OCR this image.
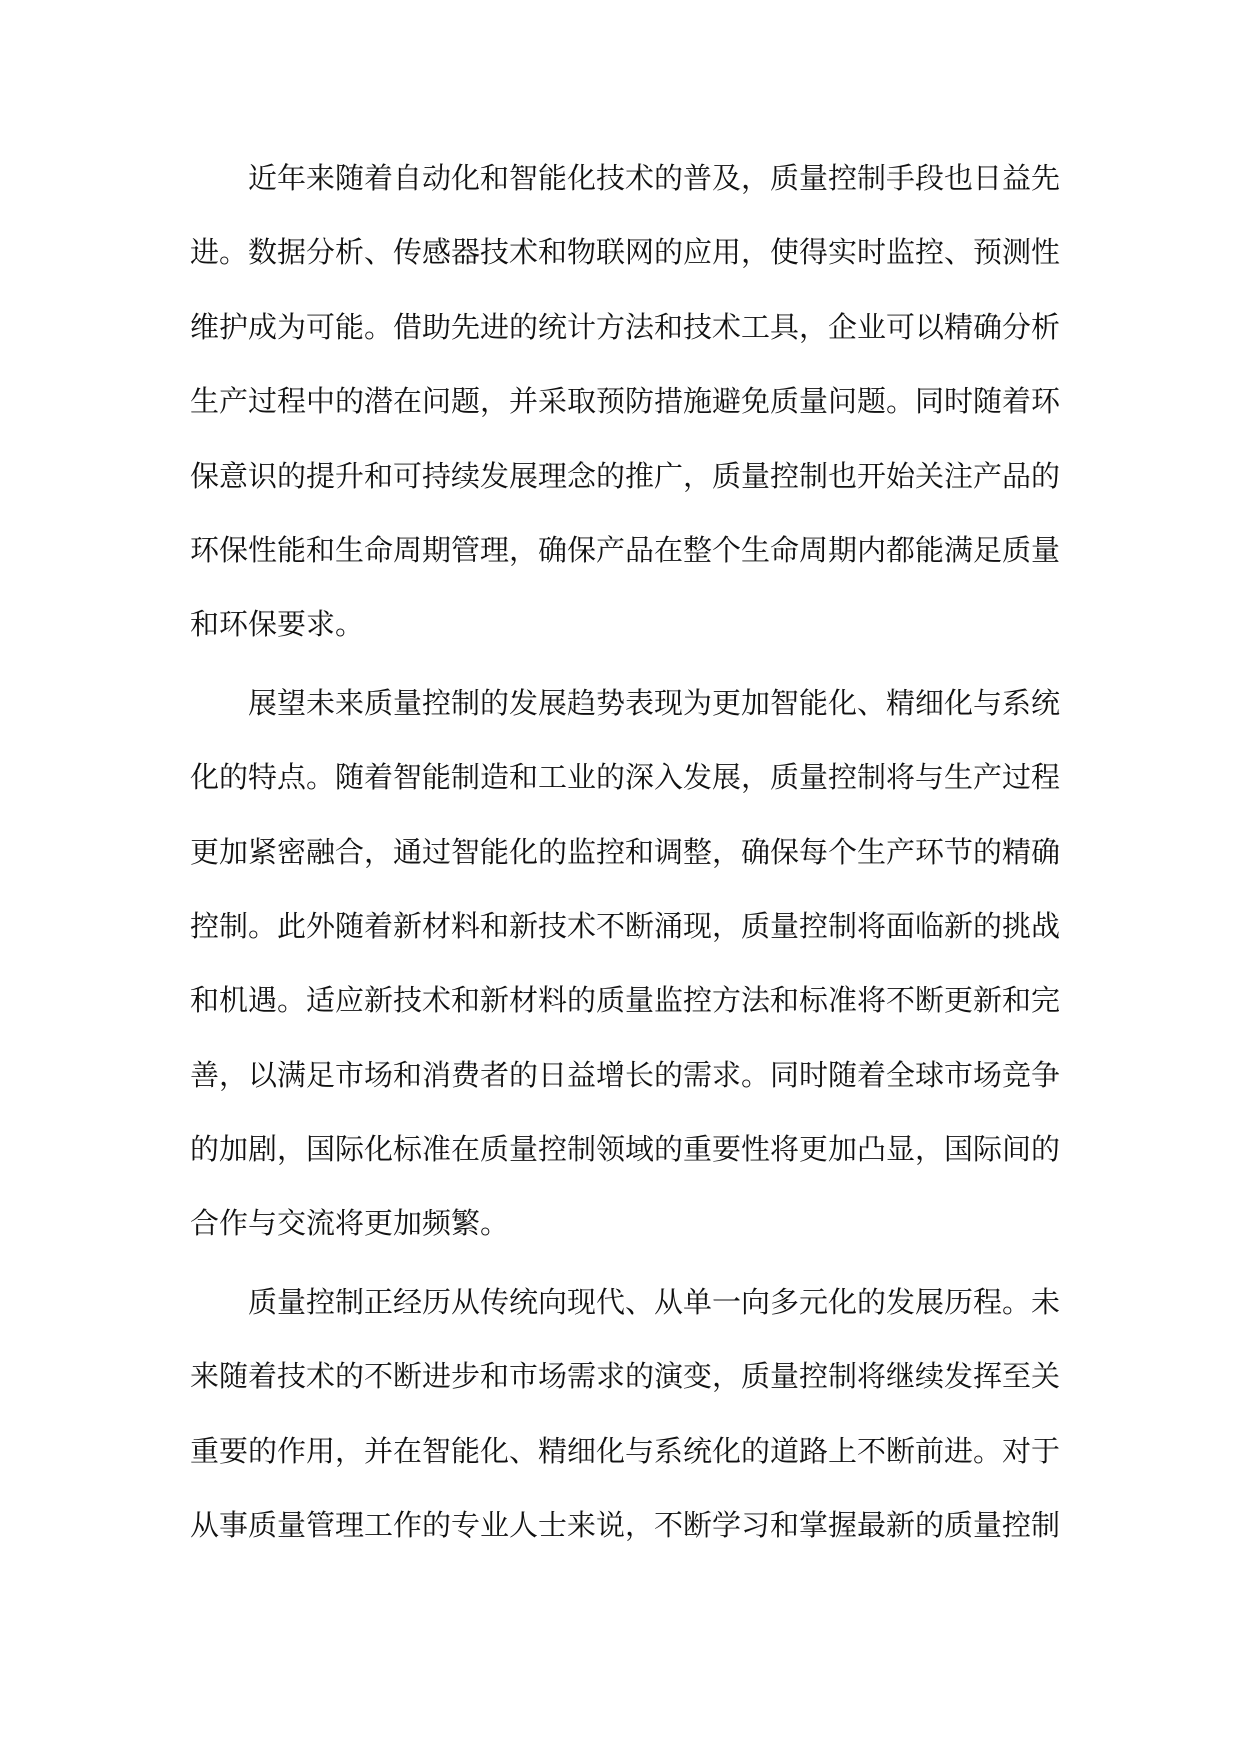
近年来随着自动化和智能化技术的普及，质量控制手段也日益先
进。数据分析、传感器技术和物联网的应用，使得实时监控、预测性
维护成为可能。借助先进的统计方法和技术工具，企业可以精确分析
生产过程中的潜在问题，并采取预防措施避免质量问题。同时随着环
保意识的提升和可持续发展理念的推广，质量控制也开始关注产品的
环保性能和生命周期管理，确保产品在整个生命周期内都能满足质量
和环保要求。
展望未来质量控制的发展趋势表现为更加智能化、精细化与系统
化的特点。随着智能制造和工业的深入发展，质量控制将与生产过程
更加紧密融合，通过智能化的监控和调整，确保每个生产环节的精确
控制。此外随着新材料和新技术不断涌现，质量控制将面临新的挑战
和机遇。适应新技术和新材料的质量监控方法和标准将不断更新和完
善，以满足市场和消费者的日益增长的需求。同时随着全球市场竞争
的加剧，国际化标准在质量控制领域的重要性将更加凸显，国际间的
合作与交流将更加频繁。
质量控制正经历从传统向现代、从单一向多元化的发展历程。未
来随着技术的不断进步和市场需求的演变，质量控制将继续发挥至关
重要的作用，并在智能化、精细化与系统化的道路上不断前进。对于
从事质量管理工作的专业人士来说，不断学习和掌握最新的质量控制
